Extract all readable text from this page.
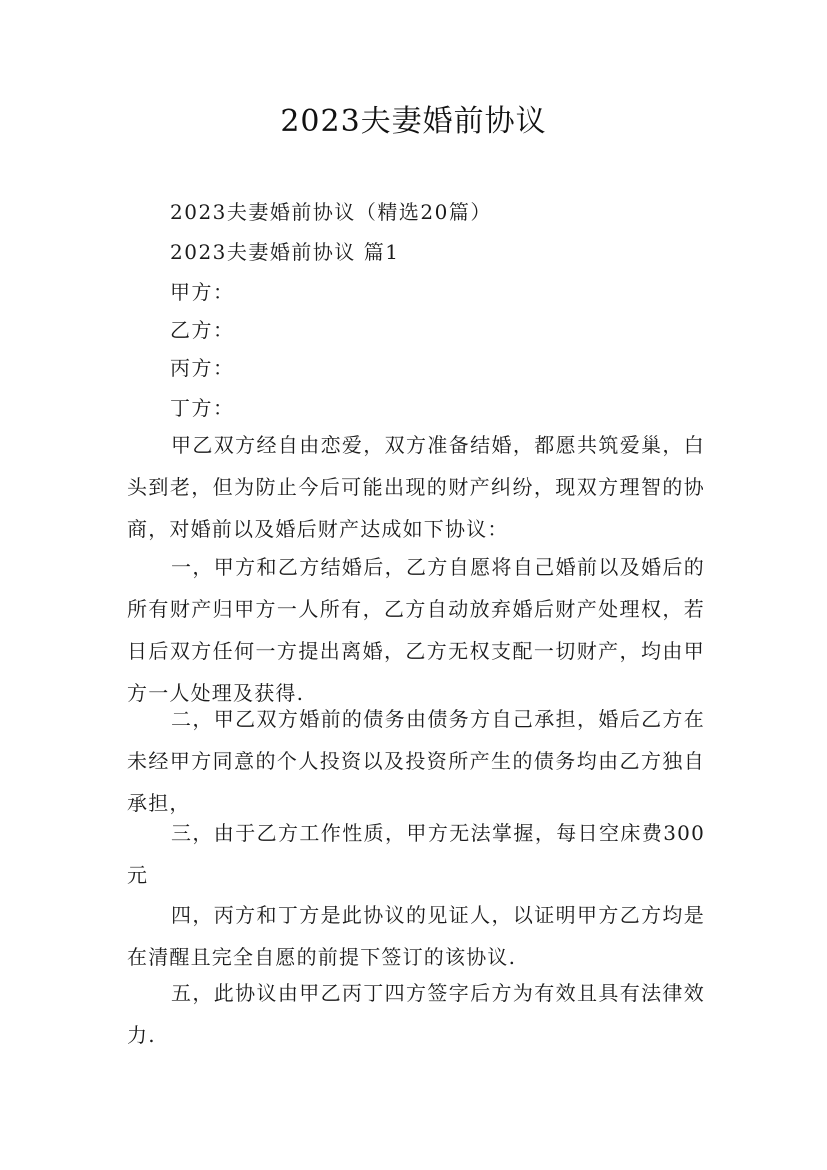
2023夫妻婚前协议
2023夫妻婚前协议（精选20篇）
2023夫妻婚前协议 篇1
甲方：
乙方：
丙方：
丁方：
甲乙双方经自由恋爱，双方准备结婚，都愿共筑爱巢，白头到老，但为防止今后可能出现的财产纠纷，现双方理智的协商，对婚前以及婚后财产达成如下协议：
一，甲方和乙方结婚后，乙方自愿将自己婚前以及婚后的所有财产归甲方一人所有，乙方自动放弃婚后财产处理权，若日后双方任何一方提出离婚，乙方无权支配一切财产，均由甲方一人处理及获得.
二，甲乙双方婚前的债务由债务方自己承担，婚后乙方在未经甲方同意的个人投资以及投资所产生的债务均由乙方独自承担，
三，由于乙方工作性质，甲方无法掌握，每日空床费300元
四，丙方和丁方是此协议的见证人，以证明甲方乙方均是在清醒且完全自愿的前提下签订的该协议.
五，此协议由甲乙丙丁四方签字后方为有效且具有法律效力.
